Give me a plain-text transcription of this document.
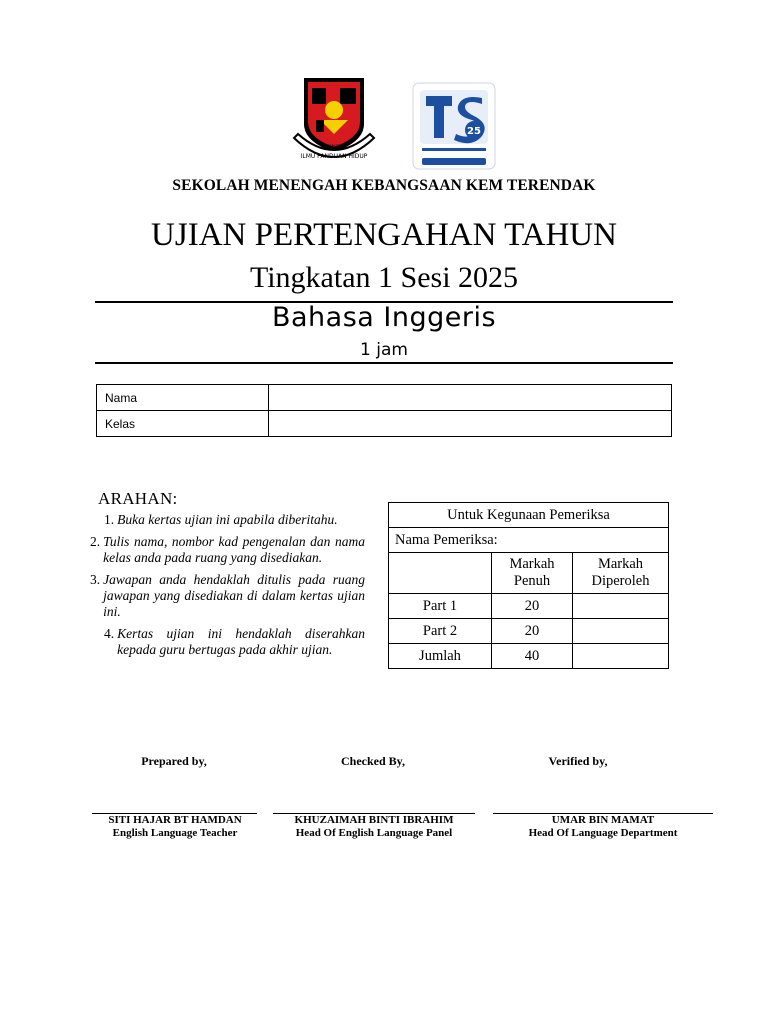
ILMU PANDUAN HIDUP
SMKKT
25
SEKOLAH MENENGAH KEBANGSAAN KEM TERENDAK
UJIAN PERTENGAHAN TAHUN
Tingkatan 1 Sesi 2025
Bahasa Inggeris
1 jam
Nama	
Kelas	
ARAHAN:
1. Buka kertas ujian ini apabila diberitahu.
2. Tulis nama, nombor kad pengenalan dan nama kelas anda pada ruang yang disediakan.
3. Jawapan anda hendaklah ditulis pada ruang jawapan yang disediakan di dalam kertas ujian ini.
4. Kertas ujian ini hendaklah diserahkan kepada guru bertugas pada akhir ujian.
Untuk Kegunaan Pemeriksa		
Nama Pemeriksa:		
	Markah Penuh	Markah Diperoleh
Part 1	20	
Part 2	20	
Jumlah	40	
Prepared by,	Checked By,	Verified by,
SITI HAJAR BT HAMDAN	KHUZAIMAH BINTI IBRAHIM	UMAR BIN MAMAT
English Language Teacher	Head Of English Language Panel	Head Of Language Department
